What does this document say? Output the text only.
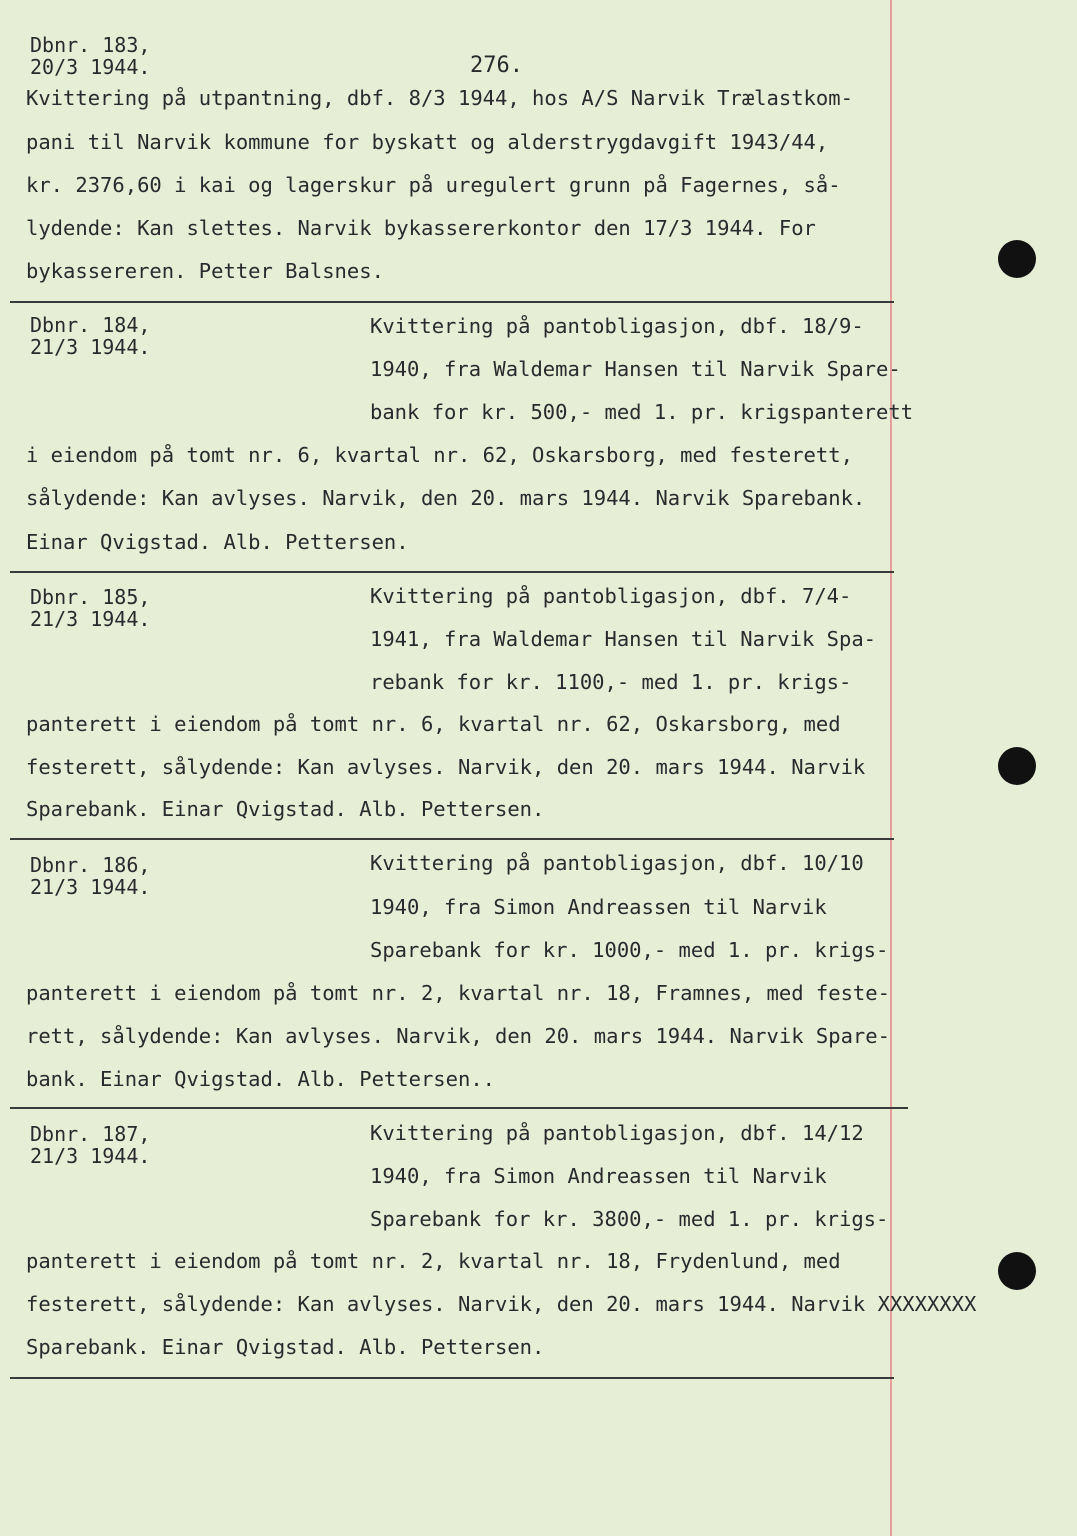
276.
Dbnr. 183,
20/3 1944.
Kvittering på utpantning, dbf. 8/3 1944, hos A/S Narvik Trælastkom-
pani til Narvik kommune for byskatt og alderstrygdavgift 1943/44,
kr. 2376,60 i kai og lagerskur på uregulert grunn på Fagernes, så-
lydende: Kan slettes. Narvik bykassererkontor den 17/3 1944. For
bykassereren. Petter Balsnes.
Dbnr. 184,
21/3 1944.
Kvittering på pantobligasjon, dbf. 18/9-
1940, fra Waldemar Hansen til Narvik Spare-
bank for kr. 500,- med 1. pr. krigspanterett
i eiendom på tomt nr. 6, kvartal nr. 62, Oskarsborg, med festerett,
sålydende: Kan avlyses. Narvik, den 20. mars 1944. Narvik Sparebank.
Einar Qvigstad. Alb. Pettersen.
Dbnr. 185,
21/3 1944.
Kvittering på pantobligasjon, dbf. 7/4-
1941, fra Waldemar Hansen til Narvik Spa-
rebank for kr. 1100,- med 1. pr. krigs-
panterett i eiendom på tomt nr. 6, kvartal nr. 62, Oskarsborg, med
festerett, sålydende: Kan avlyses. Narvik, den 20. mars 1944. Narvik
Sparebank. Einar Qvigstad. Alb. Pettersen.
Dbnr. 186,
21/3 1944.
Kvittering på pantobligasjon, dbf. 10/10
1940, fra Simon Andreassen til Narvik
Sparebank for kr. 1000,- med 1. pr. krigs-
panterett i eiendom på tomt nr. 2, kvartal nr. 18, Framnes, med feste-
rett, sålydende: Kan avlyses. Narvik, den 20. mars 1944. Narvik Spare-
bank. Einar Qvigstad. Alb. Pettersen..
Dbnr. 187,
21/3 1944.
Kvittering på pantobligasjon, dbf. 14/12
1940, fra Simon Andreassen til Narvik
Sparebank for kr. 3800,- med 1. pr. krigs-
panterett i eiendom på tomt nr. 2, kvartal nr. 18, Frydenlund, med
festerett, sålydende: Kan avlyses. Narvik, den 20. mars 1944. Narvik XXXXXXXX
Sparebank. Einar Qvigstad. Alb. Pettersen.
